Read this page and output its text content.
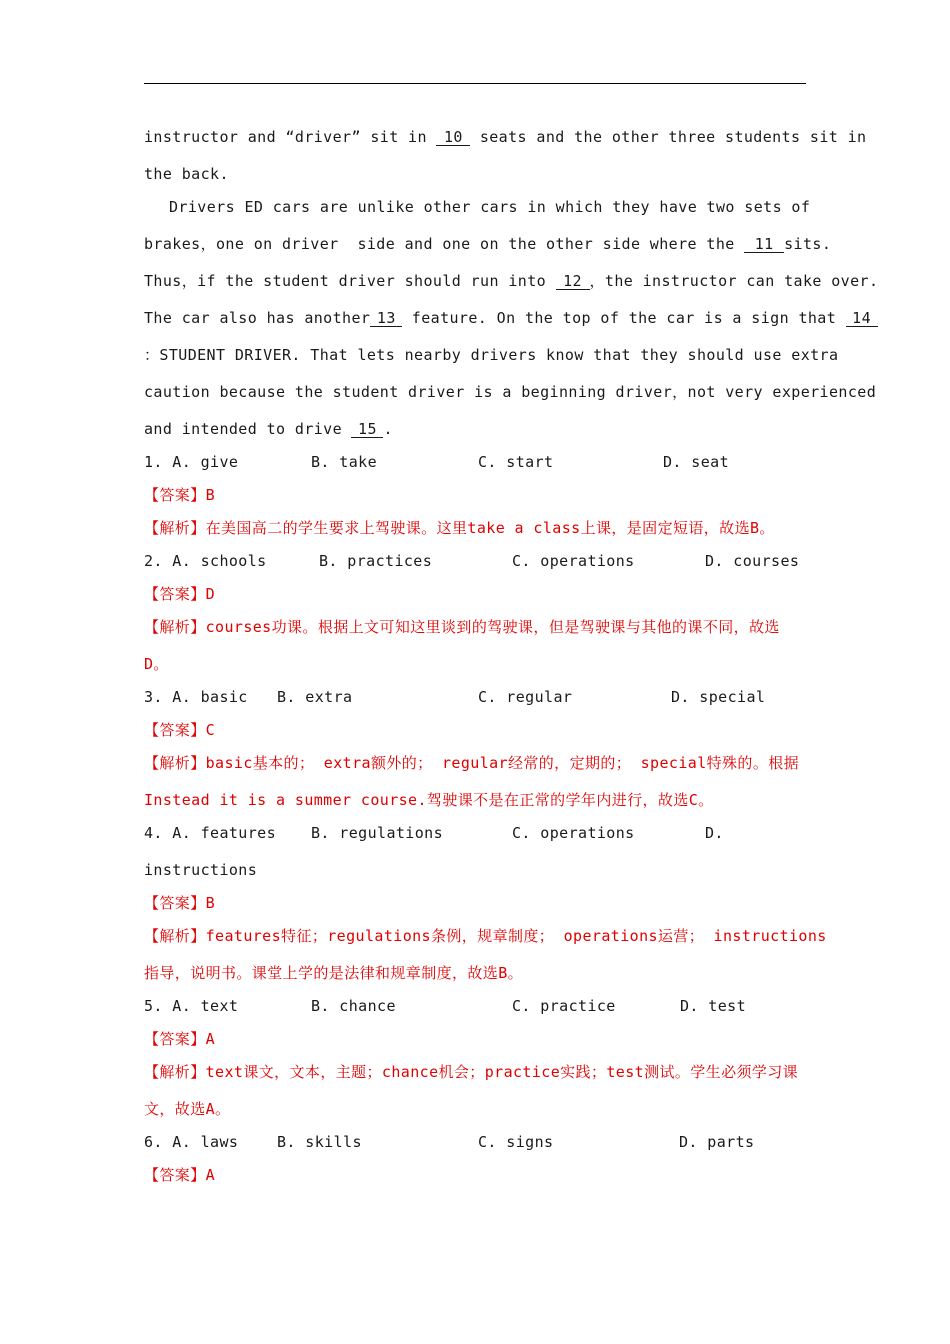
instructor and “driver” sit in 10 seats and the other three students sit in
the back.
Drivers ED cars are unlike other cars in which they have two sets of
brakes，one on driver  side and one on the other side where the 11 sits.
Thus，if the student driver should run into 12 ，the instructor can take over.
The car also has another 13 feature. On the top of the car is a sign that 14
：STUDENT DRIVER. That lets nearby drivers know that they should use extra
caution because the student driver is a beginning driver，not very experienced
and intended to drive 15 .
1. A. give	B. take	C. start	D. seat
【答案】B
【解析】在美国高二的学生要求上驾驶课。这里take a class上课，是固定短语，故选B。
2. A. schools	B. practices	C. operations	D. courses
【答案】D
【解析】courses功课。根据上文可知这里谈到的驾驶课，但是驾驶课与其他的课不同，故选
D。
3. A. basic	B. extra	C. regular	D. special
【答案】C
【解析】basic基本的； extra额外的； regular经常的，定期的； special特殊的。根据
Instead it is a summer course.驾驶课不是在正常的学年内进行，故选C。
4. A. features	B. regulations	C. operations	D.
instructions
【答案】B
【解析】features特征；regulations条例，规章制度； operations运营； instructions
指导，说明书。课堂上学的是法律和规章制度，故选B。
5. A. text	B. chance	C. practice	D. test
【答案】A
【解析】text课文，文本，主题；chance机会；practice实践；test测试。学生必须学习课
文，故选A。
6. A. laws	B. skills	C. signs	D. parts
【答案】A
